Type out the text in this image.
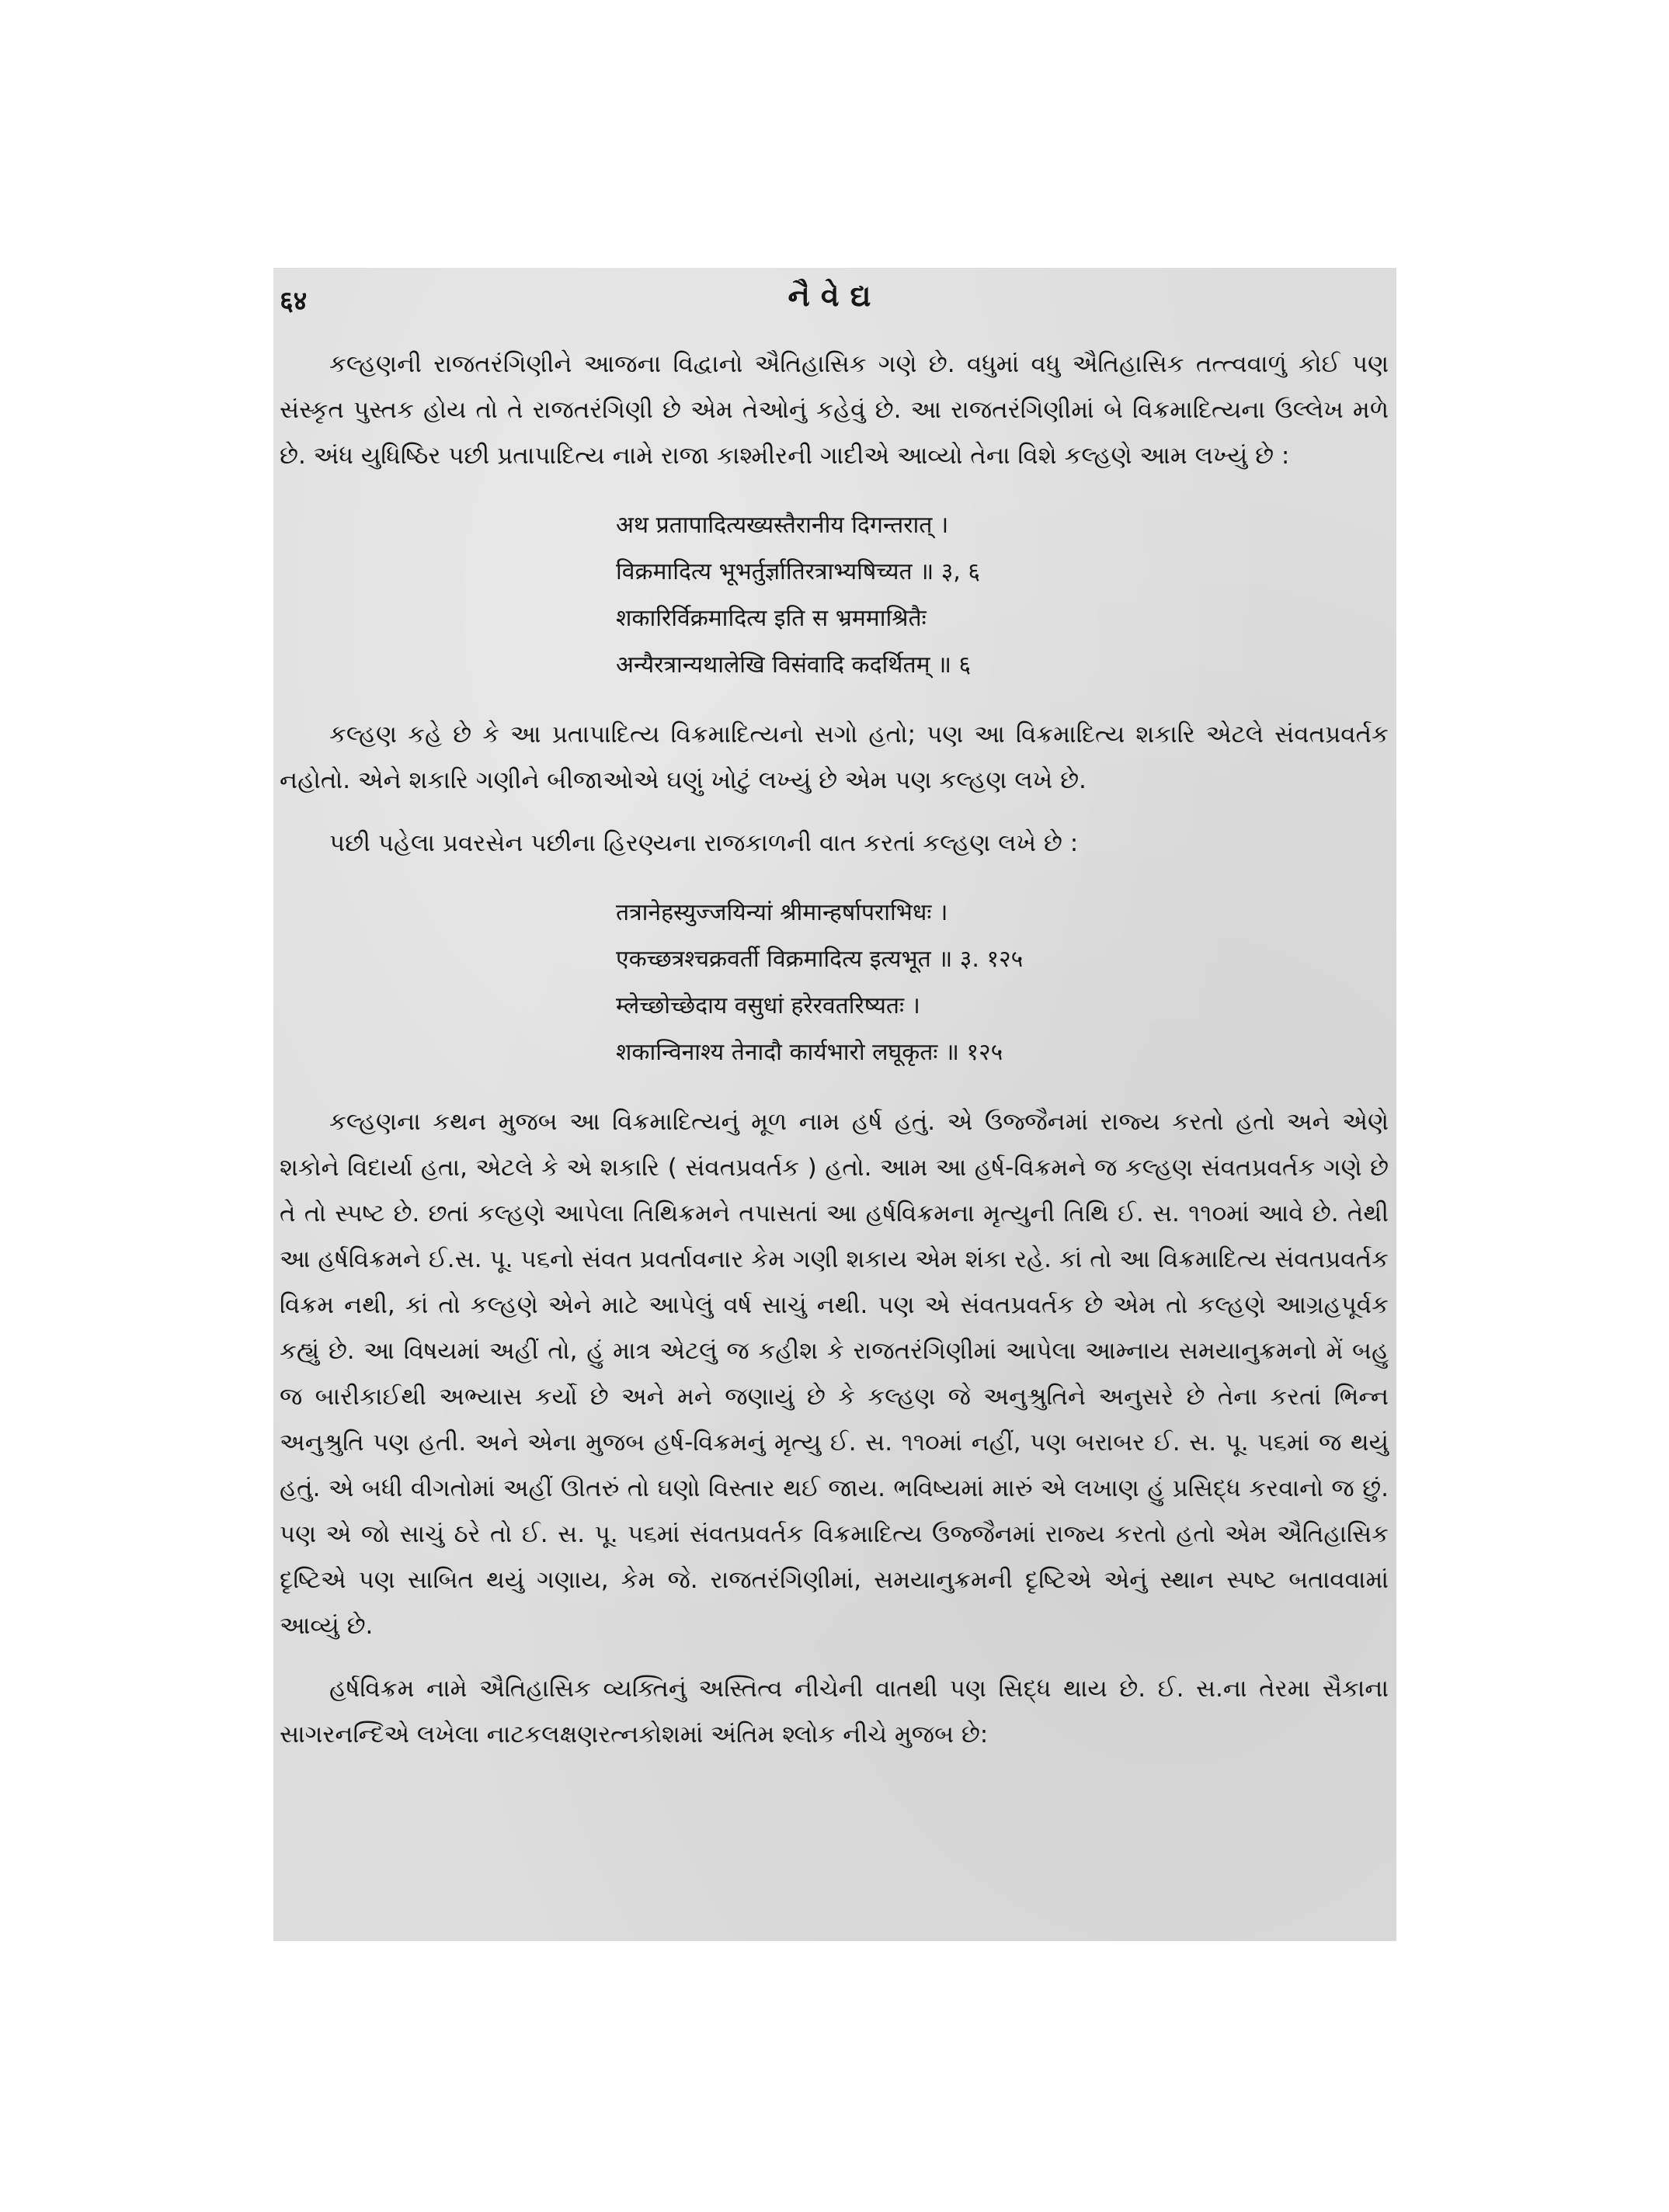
६४	નૈવેદ્ય

કલ્હણની રાજતરંગિણીને આજના વિદ્વાનો ઐતિહાસિક ગણે છે. વધુમાં વધુ ઐતિહાસિક તત્ત્વવાળું કોઈ પણ સંસ્કૃત પુસ્તક હોય તો તે રાજતરંગિણી છે એમ તેઓનું કહેવું છે. આ રાજતરંગિણીમાં બે વિક્રમાદિત્યના ઉલ્લેખ મળે છે. અંધ યુધિષ્ઠિર પછી પ્રતાપાદિત્ય નામે રાજા કાશ્મીરની ગાદીએ આવ્યો તેના વિશે કલ્હણે આમ લખ્યું છે :

अथ प्रतापादित्यख्यस्तैरानीय दिगन्तरात् ।
विक्रमादित्य भूभर्तुर्ज्ञातिरत्राभ्यषिच्यत ॥ ३, ६
शकारिर्विक्रमादित्य इति स भ्रममाश्रितैः
अन्यैरत्रान्यथालेखि विसंवादि कदर्थितम् ॥ ६

કલ્હણ કહે છે કે આ પ્રતાપાદિત્ય વિક્રમાદિત્યનો સગો હતો; પણ આ વિક્રમાદિત્ય શકારિ એટલે સંવતપ્રવર્તક નહોતો. એને શકારિ ગણીને બીજાઓએ ઘણું ખોટું લખ્યું છે એમ પણ કલ્હણ લખે છે.

પછી પહેલા પ્રવરસેન પછીના હિરણ્યના રાજકાળની વાત કરતાં કલ્હણ લખે છે :

तत्रानेहस्युज्जयिन्यां श्रीमान्हर्षापराभिधः ।
एकच्छत्रश्चक्रवर्ती विक्रमादित्य इत्यभूत ॥ ३. १२५
म्लेच्छोच्छेदाय वसुधां हरेरवतरिष्यतः ।
शकान्विनाश्य तेनादौ कार्यभारो लघूकृतः ॥ १२५

કલ્હણના કથન મુજબ આ વિક્રમાદિત્યનું મૂળ નામ હર્ષ હતું. એ ઉજ્જૈનમાં રાજ્ય કરતો હતો અને એણે શકોને વિદાર્યા હતા, એટલે કે એ શકારિ ( સંવતપ્રવર્તક ) હતો. આમ આ હર્ષ-વિક્રમને જ કલ્હણ સંવતપ્રવર્તક ગણે છે તે તો સ્પષ્ટ છે. છતાં કલ્હણે આપેલા તિથિક્રમને તપાસતાં આ હર્ષવિક્રમના મૃત્યુની તિથિ ઈ. સ. ૧૧૦માં આવે છે. તેથી આ હર્ષવિક્રમને ઈ.સ. પૂ. ૫૬નો સંવત પ્રવર્તાવનાર કેમ ગણી શકાય એમ શંકા રહે. કાં તો આ વિક્રમાદિત્ય સંવતપ્રવર્તક વિક્રમ નથી, કાં તો કલ્હણે એને માટે આપેલું વર્ષ સાચું નથી. પણ એ સંવતપ્રવર્તક છે એમ તો કલ્હણે આગ્રહપૂર્વક કહ્યું છે. આ વિષયમાં અહીં તો, હું માત્ર એટલું જ કહીશ કે રાજતરંગિણીમાં આપેલા આમ્નાય સમયાનુક્રમનો મેં બહુ જ બારીકાઈથી અભ્યાસ કર્યો છે અને મને જણાયું છે કે કલ્હણ જે અનુશ્રુતિને અનુસરે છે તેના કરતાં ભિન્ન અનુશ્રુતિ પણ હતી. અને એના મુજબ હર્ષ-વિક્રમનું મૃત્યુ ઈ. સ. ૧૧૦માં નહીં, પણ બરાબર ઈ. સ. પૂ. ૫૬માં જ થયું હતું. એ બધી વીગતોમાં અહીં ઊતરું તો ઘણો વિસ્તાર થઈ જાય. ભવિષ્યમાં મારું એ લખાણ હું પ્રસિદ્ધ કરવાનો જ છું. પણ એ જો સાચું ઠરે તો ઈ. સ. પૂ. ૫૬માં સંવતપ્રવર્તક વિક્રમાદિત્ય ઉજ્જૈનમાં રાજ્ય કરતો હતો એમ ઐતિહાસિક દૃષ્ટિએ પણ સાબિત થયું ગણાય, કેમ જે. રાજતરંગિણીમાં, સમયાનુક્રમની દૃષ્ટિએ એનું સ્થાન સ્પષ્ટ બતાવવામાં આવ્યું છે.

હર્ષવિક્રમ નામે ઐતિહાસિક વ્યક્તિનું અસ્તિત્વ નીચેની વાતથી પણ સિદ્ધ થાય છે. ઈ. સ.ના તેરમા સૈકાના સાગરનન્દિએ લખેલા નાટકલક્ષણરત્નકોશમાં અંતિમ શ્લોક નીચે મુજબ છે:
